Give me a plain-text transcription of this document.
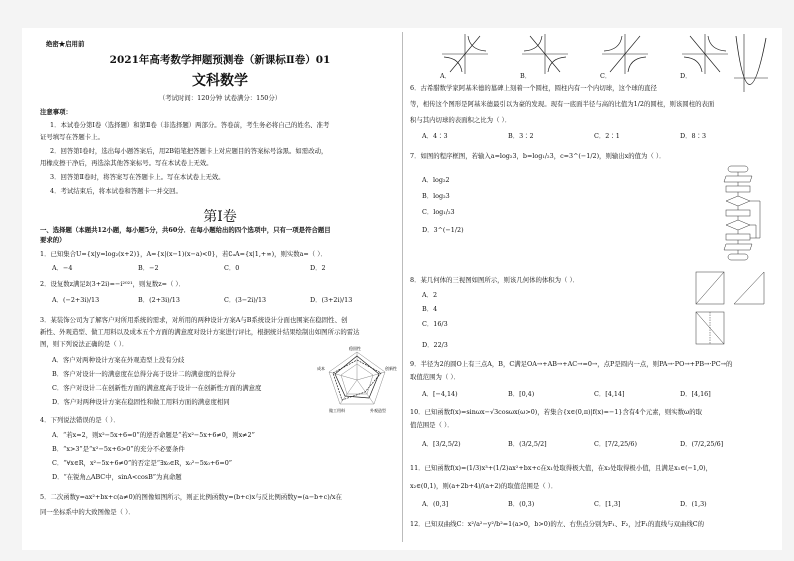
绝密★启用前
2021年高考数学押题预测卷（新课标Ⅱ卷）01
文科数学
（考试时间：120分钟 试卷满分：150分）
注意事项：
1．本试卷分第Ⅰ卷（选择题）和第Ⅱ卷（非选择题）两部分。答卷前，考生务必将自己的姓名、准考
证号填写在答题卡上。
2．回答第Ⅰ卷时，选出每小题答案后，用2B铅笔把答题卡上对应题目的答案标号涂黑。如需改动，
用橡皮擦干净后，再选涂其他答案标号。写在本试卷上无效。
3．回答第Ⅱ卷时，将答案写在答题卡上。写在本试卷上无效。
4．考试结束后，将本试卷和答题卡一并交回。
第Ⅰ卷
一、选择题（本题共12小题，每小题5分，共60分．在每小题给出的四个选项中，只有一项是符合题目
要求的）
1．已知集合U={x|y=log₂(x+2)}，A={x|(x−1)(x−a)<0}，若∁ᵤA={x|1,+∞)，则实数a=（ ）．
A．−4	B．−2	C．0	D．2
2．设复数z满足z̄(3+2i)=−i²⁰²¹，则复数z=（ ）．
A．(−2+3i)/13	B．(2+3i)/13	C．(3−2i)/13	D．(3+2i)/13
3．某装饰公司为了解客户对所用系统的需求，对所用的两种设计方案A与B系统设计分面也围案在稳固性、创
新性、外观造型、做工用料以及成本五个方面的满意度对设计方案进行评比，根据统计结果绘制出如图所示的雷达
图，则下列说法正确的是（ ）．
A．客户对两种设计方案在外观造型上没有分歧
B．客户对设计一的满意度在总得分高于设计二的满意度的总得分
C．客户对设计二在创新性方面的满意度高于设计一在创新性方面的满意度
D．客户对两种设计方案在稳固性和做工用料方面的满意度相同
稳固性
创新性
外观造型
做工用料
成本
4．下列说法错误的是（ ）．
A．“若x=2，则x²−5x+6=0”的逆否命题是“若x²−5x+6≠0，则x≠2”
B．“x>3”是“x²−5x+6>0”的充分不必要条件
C．“∀x∈R，x²−5x+6≠0”的否定是“∃x₀∈R，x₀²−5x₀+6=0”
D．“在锐角△ABC中，sinA<cosB”为真命题
5．二次函数y=ax²+bx+c(a≠0)的图像如图所示，则正比例函数y=(b+c)x与反比例函数y=(a−b+c)/x在
同一坐标系中的大致图像是（ ）．
A．	B．	C．	D．
6．古希腊数学家阿基米德的墓碑上刻着一个圆柱，圆柱内有一个内切球，这个球的直径
等，相传这个图形是阿基米德最引以为豪的发现。现有一底面半径与高的比值为1/2的圆柱，则该圆柱的表面
积与其内切球的表面积之比为（ ）．
A．4∶3	B．3∶2	C．2∶1	D．8∶3
7．如图的程序框图，若输入a=log₂3，b=log₁/₂3，c=3^(−1/2)，则输出x的值为（ ）．
A．log₂2
B．log₂3
C．log₁/₂3
D．3^(−1/2)
8．某几何体的三视图如图所示，则该几何体的体积为（ ）．
A．2
B．4
C．16/3
D．22/3
9．半径为2的圆O上有三点A，B，C满足OA→+AB→+AC→=0→，点P是圆内一点，则PA→·PO→+PB→·PC→的
取值范围为（ ）．
A．[−4,14)	B．[0,4)	C．[4,14]	D．[4,16]
10．已知函数f(x)=sinωx−√3cosωx(ω>0)，若集合{x∈(0,π)|f(x)=−1}含有4个元素，则实数ω的取
值范围是（ ）．
A．[3/2,5/2)	B．(3/2,5/2]	C．[7/2,25/6)	D．(7/2,25/6]
11．已知函数f(x)=(1/3)x³+(1/2)ax²+bx+c在x₁处取得极大值，在x₂处取得极小值，且满足x₁∈(−1,0)，
x₂∈(0,1)，则(a+2b+4)/(a+2)的取值范围是（ ）．
A．(0,3]	B．(0,3)	C．[1,3]	D．(1,3)
12．已知双曲线C：x²/a²−y²/b²=1(a>0，b>0)的左、右焦点分别为F₁、F₂，过F₁的直线与双曲线C的
